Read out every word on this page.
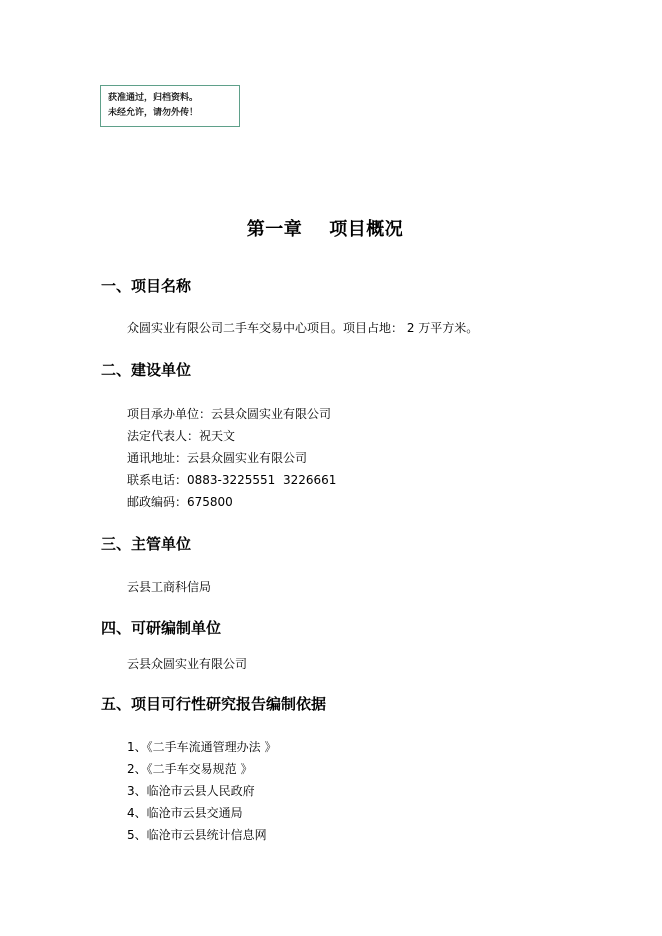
获准通过，归档资料。
未经允许，请勿外传！
第一章    项目概况
一、项目名称
众圆实业有限公司二手车交易中心项目。项目占地： 2 万平方米。
二、建设单位
项目承办单位：云县众圆实业有限公司
法定代表人：祝天文
通讯地址：云县众圆实业有限公司
联系电话：0883-3225551  3226661
邮政编码：675800
三、主管单位
云县工商科信局
四、可研编制单位
云县众圆实业有限公司
五、项目可行性研究报告编制依据
1、《二手车流通管理办法 》
2、《二手车交易规范 》
3、临沧市云县人民政府
4、临沧市云县交通局
5、临沧市云县统计信息网
